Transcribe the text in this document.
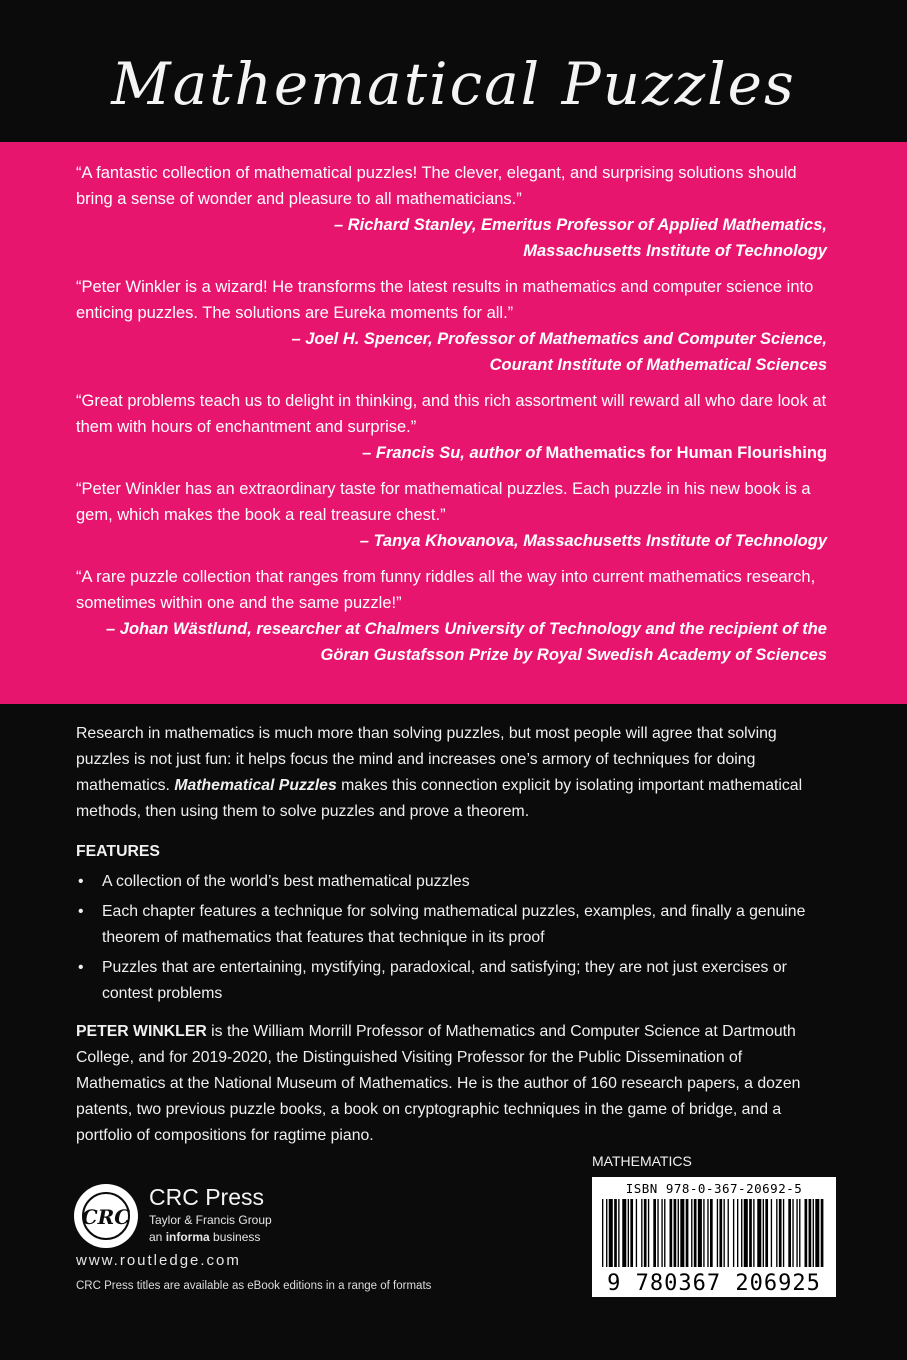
Mathematical Puzzles

“A fantastic collection of mathematical puzzles! The clever, elegant, and surprising solutions should bring a sense of wonder and pleasure to all mathematicians.”

– Richard Stanley, Emeritus Professor of Applied Mathematics,

Massachusetts Institute of Technology

“Peter Winkler is a wizard! He transforms the latest results in mathematics and computer science into enticing puzzles. The solutions are Eureka moments for all.”

– Joel H. Spencer, Professor of Mathematics and Computer Science,

Courant Institute of Mathematical Sciences

“Great problems teach us to delight in thinking, and this rich assortment will reward all who dare look at them with hours of enchantment and surprise.”

– Francis Su, author of Mathematics for Human Flourishing

“Peter Winkler has an extraordinary taste for mathematical puzzles. Each puzzle in his new book is a gem, which makes the book a real treasure chest.”

– Tanya Khovanova, Massachusetts Institute of Technology

“A rare puzzle collection that ranges from funny riddles all the way into current mathematics research, sometimes within one and the same puzzle!”

– Johan Wästlund, researcher at Chalmers University of Technology and the recipient of the

Göran Gustafsson Prize by Royal Swedish Academy of Sciences

Research in mathematics is much more than solving puzzles, but most people will agree that solving puzzles is not just fun: it helps focus the mind and increases one’s armory of techniques for doing mathematics. Mathematical Puzzles makes this connection explicit by isolating important mathematical methods, then using them to solve puzzles and prove a theorem.

FEATURES

• A collection of the world’s best mathematical puzzles
• Each chapter features a technique for solving mathematical puzzles, examples, and finally a genuine theorem of mathematics that features that technique in its proof
• Puzzles that are entertaining, mystifying, paradoxical, and satisfying; they are not just exercises or contest problems

PETER WINKLER is the William Morrill Professor of Mathematics and Computer Science at Dartmouth College, and for 2019-2020, the Distinguished Visiting Professor for the Public Dissemination of Mathematics at the National Museum of Mathematics. He is the author of 160 research papers, a dozen patents, two previous puzzle books, a book on cryptographic techniques in the game of bridge, and a portfolio of compositions for ragtime piano.

CRC
CRC Press
Taylor & Francis Group
an informa business
www.routledge.com
CRC Press titles are available as eBook editions in a range of formats
MATHEMATICS
ISBN 978-0-367-20692-5
9 780367 206925
